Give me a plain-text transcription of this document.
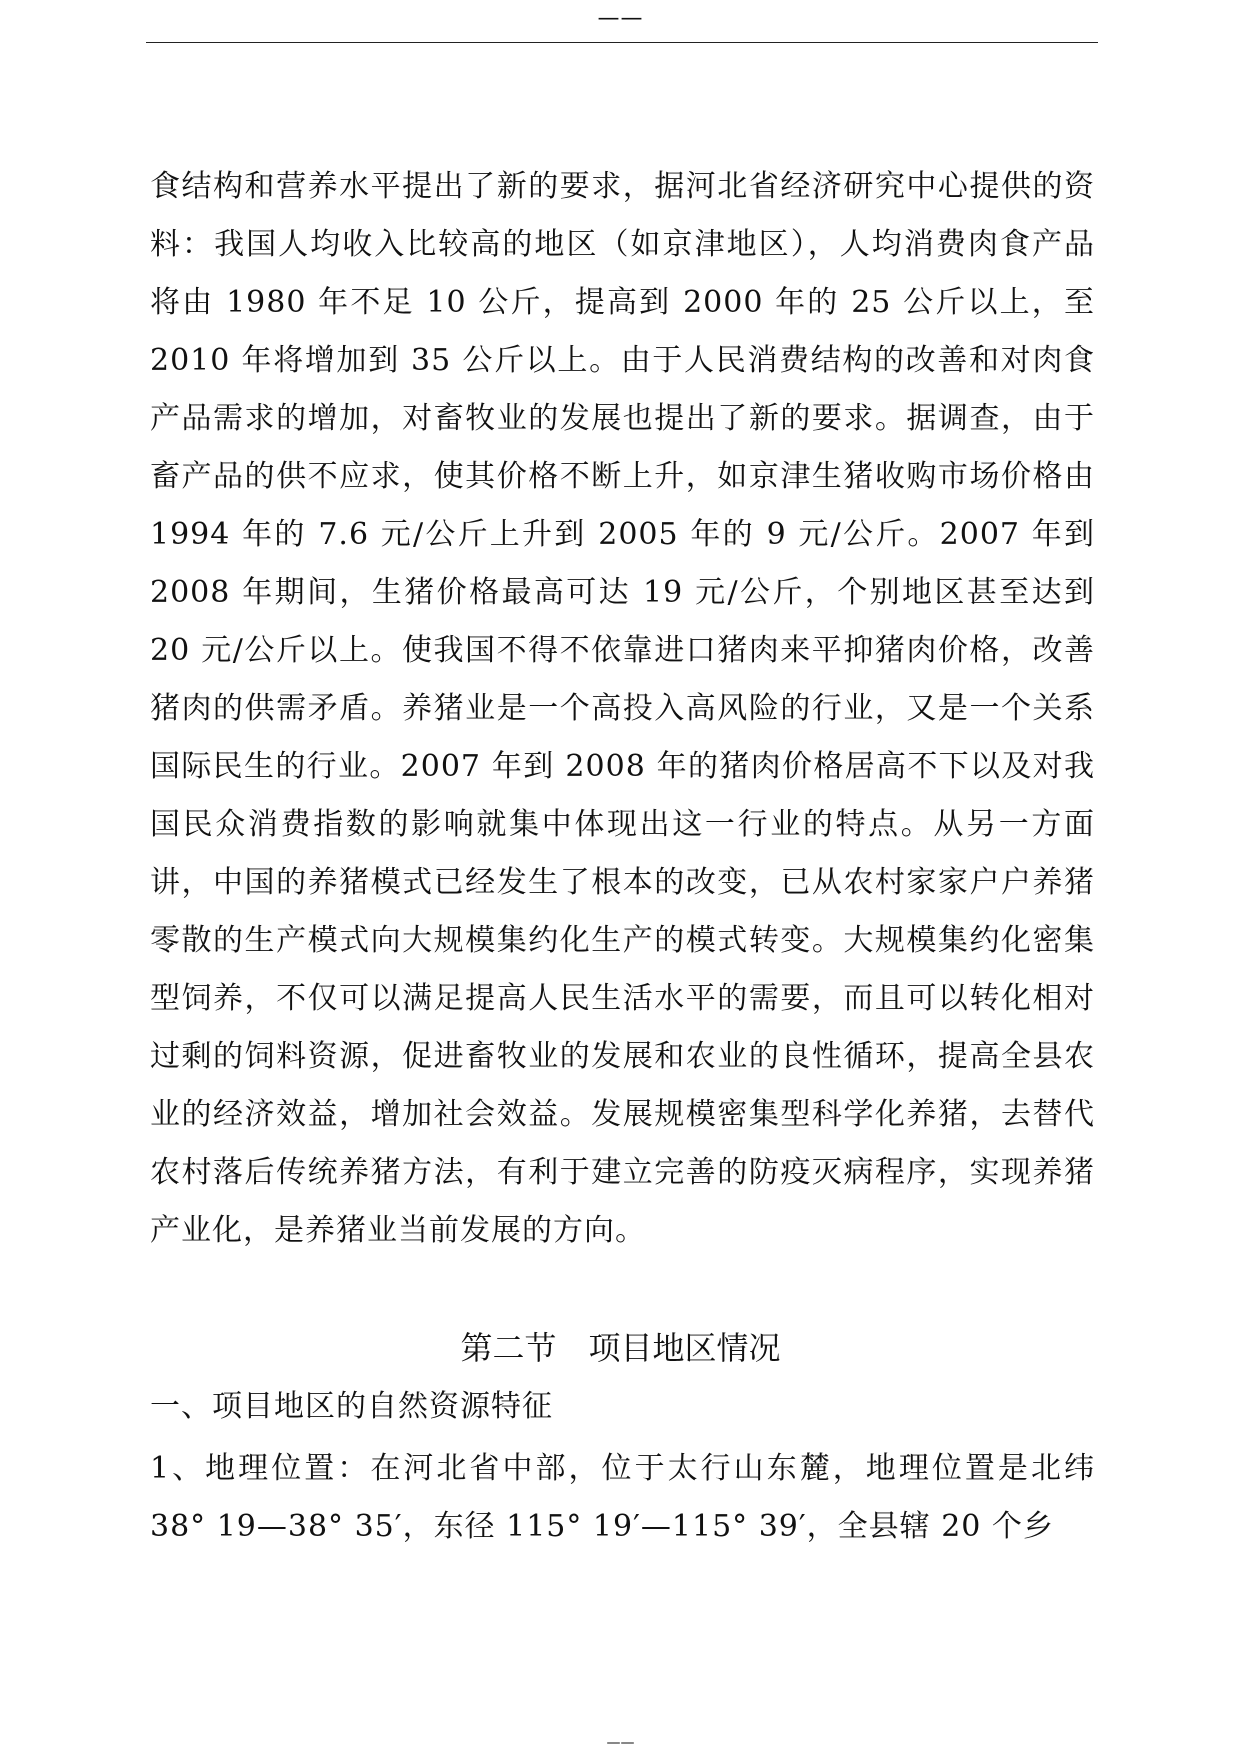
——

食结构和营养水平提出了新的要求，据河北省经济研究中心提供的资料：我国人均收入比较高的地区（如京津地区），人均消费肉食产品将由 1980 年不足 10 公斤，提高到 2000 年的 25 公斤以上，至 2010 年将增加到 35 公斤以上。由于人民消费结构的改善和对肉食产品需求的增加，对畜牧业的发展也提出了新的要求。据调查，由于畜产品的供不应求，使其价格不断上升，如京津生猪收购市场价格由 1994 年的 7.6 元/公斤上升到 2005 年的 9 元/公斤。2007 年到 2008 年期间，生猪价格最高可达 19 元/公斤，个别地区甚至达到 20 元/公斤以上。使我国不得不依靠进口猪肉来平抑猪肉价格，改善猪肉的供需矛盾。养猪业是一个高投入高风险的行业，又是一个关系国际民生的行业。2007 年到 2008 年的猪肉价格居高不下以及对我国民众消费指数的影响就集中体现出这一行业的特点。从另一方面讲，中国的养猪模式已经发生了根本的改变，已从农村家家户户养猪零散的生产模式向大规模集约化生产的模式转变。大规模集约化密集型饲养，不仅可以满足提高人民生活水平的需要，而且可以转化相对过剩的饲料资源，促进畜牧业的发展和农业的良性循环，提高全县农业的经济效益，增加社会效益。发展规模密集型科学化养猪，去替代农村落后传统养猪方法，有利于建立完善的防疫灭病程序，实现养猪产业化，是养猪业当前发展的方向。

第二节　项目地区情况

一、项目地区的自然资源特征

1、地理位置：在河北省中部，位于太行山东麓，地理位置是北纬 38° 19—38° 35′，东径 115° 19′—115° 39′，全县辖 20 个乡

——
